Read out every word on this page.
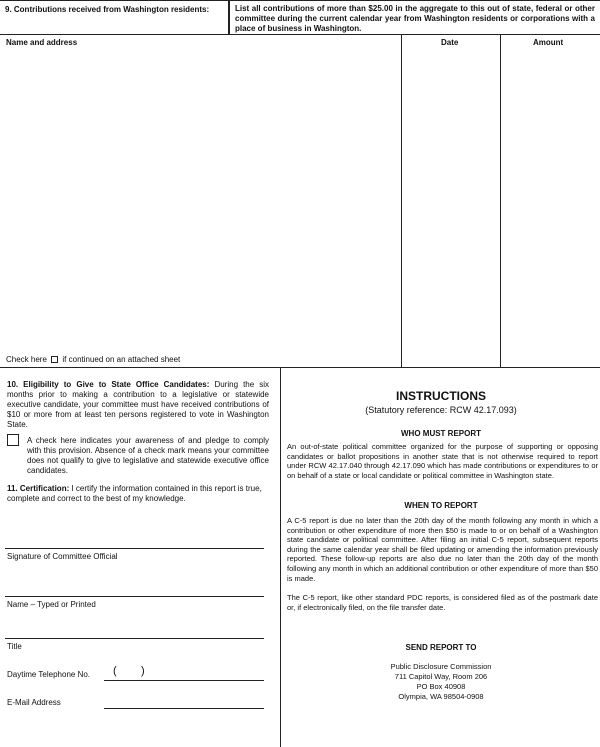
9. Contributions received from Washington residents:	List all contributions of more than $25.00 in the aggregate to this out of state, federal or other committee during the current calendar year from Washington residents or corporations with a place of business in Washington.
Name and address	Date	Amount
Check here if continued on an attached sheet
10. Eligibility to Give to State Office Candidates: During the six months prior to making a contribution to a legislative or statewide executive candidate, your committee must have received contributions of $10 or more from at least ten persons registered to vote in Washington State.
A check here indicates your awareness of and pledge to comply with this provision. Absence of a check mark means your committee does not qualify to give to legislative and statewide executive office candidates.
11. Certification: I certify the information contained in this report is true, complete and correct to the best of my knowledge.
Signature of Committee Official
Name – Typed or Printed
Title
Daytime Telephone No. ( )
E-Mail Address
INSTRUCTIONS
(Statutory reference: RCW 42.17.093)
WHO MUST REPORT
An out-of-state political committee organized for the purpose of supporting or opposing candidates or ballot propositions in another state that is not otherwise required to report under RCW 42.17.040 through 42.17.090 which has made contributions or expenditures to or on behalf of a state or local candidate or political committee in Washington state.
WHEN TO REPORT
A C-5 report is due no later than the 20th day of the month following any month in which a contribution or other expenditure of more then $50 is made to or on behalf of a Washington state candidate or political committee. After filing an initial C-5 report, subsequent reports during the same calendar year shall be filed updating or amending the information previously reported. These follow-up reports are also due no later than the 20th day of the month following any month in which an additional contribution or other expenditure of more than $50 is made.
The C-5 report, like other standard PDC reports, is considered filed as of the postmark date or, if electronically filed, on the file transfer date.
SEND REPORT TO
Public Disclosure Commission
711 Capitol Way, Room 206
PO Box 40908
Olympia, WA 98504-0908
